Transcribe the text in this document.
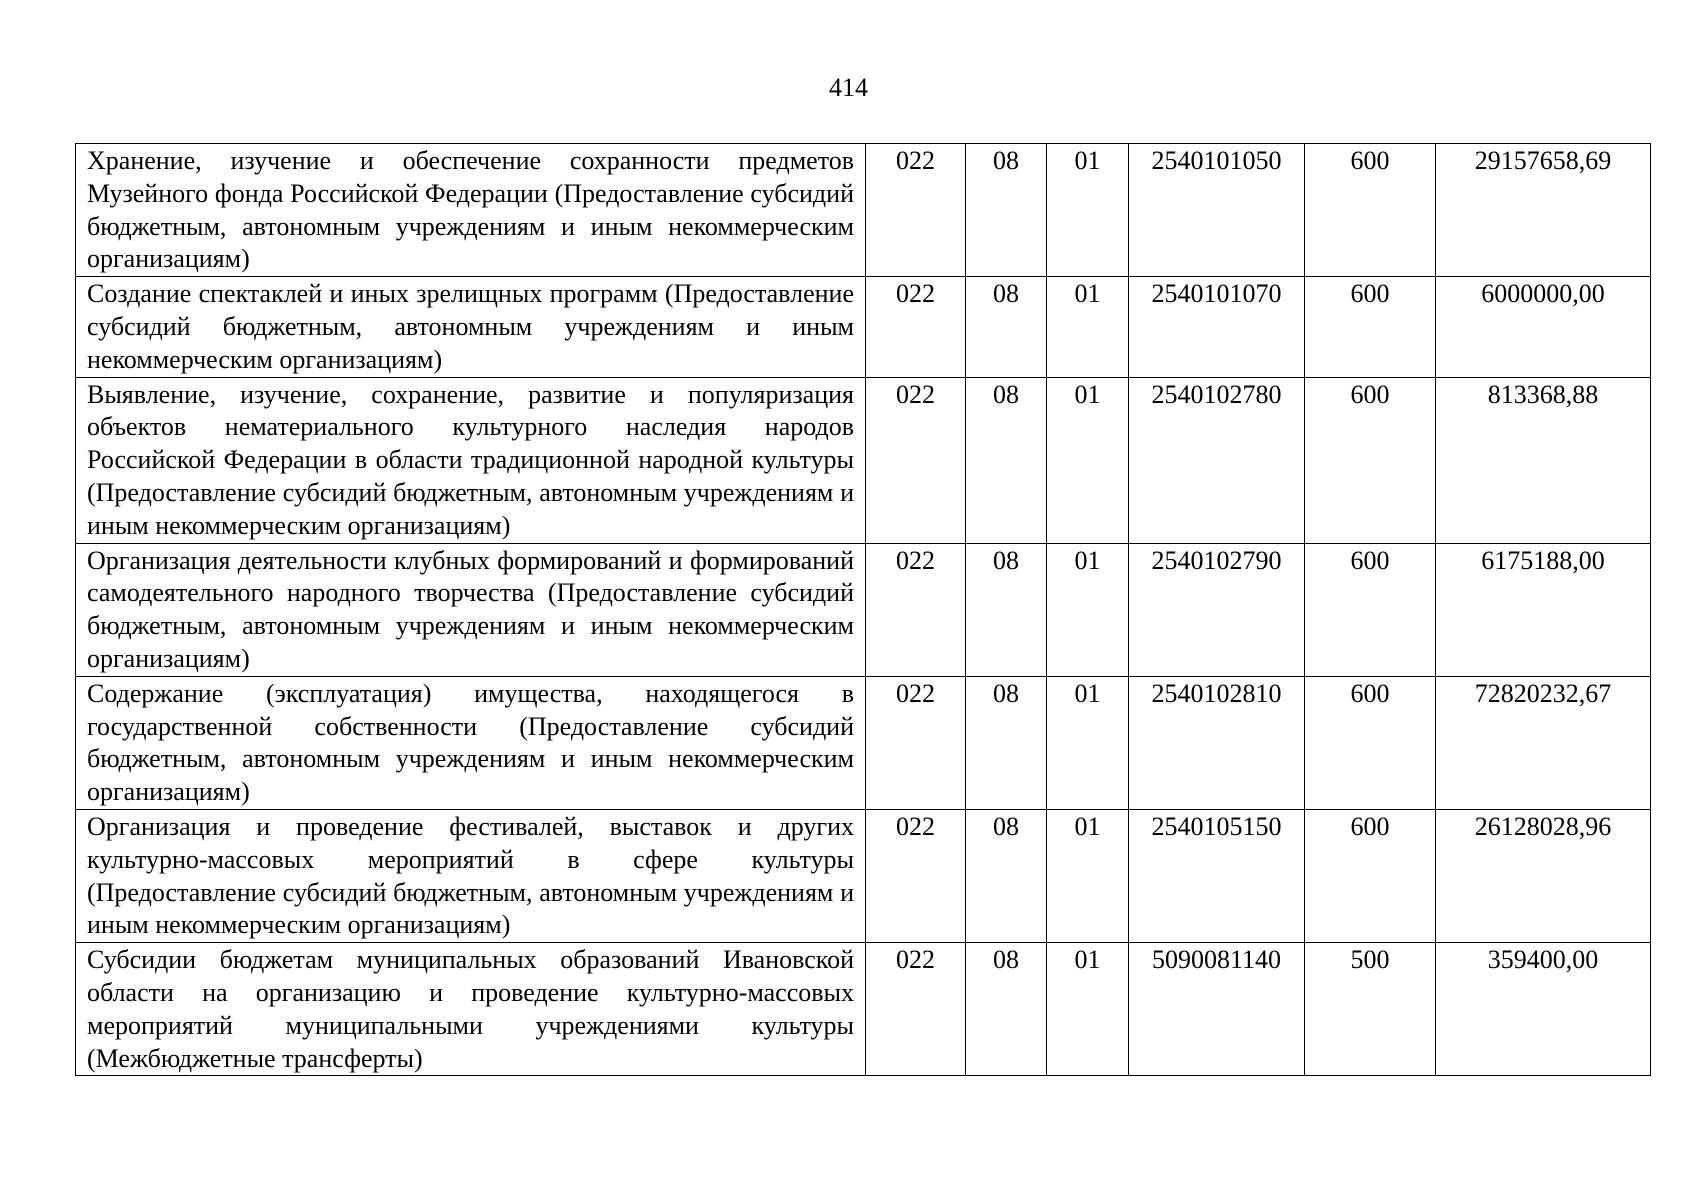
414
Хранение, изучение и обеспечение сохранности предметов Музейного фонда Российской Федерации (Предоставление субсидий бюджетным, автономным учреждениям и иным некоммерческим организациям)	022	08	01	2540101050	600	29157658,69
Создание спектаклей и иных зрелищных программ (Предоставление субсидий бюджетным, автономным учреждениям и иным некоммерческим организациям)	022	08	01	2540101070	600	6000000,00
Выявление, изучение, сохранение, развитие и популяризация объектов нематериального культурного наследия народов Российской Федерации в области традиционной народной культуры (Предоставление субсидий бюджетным, автономным учреждениям и иным некоммерческим организациям)	022	08	01	2540102780	600	813368,88
Организация деятельности клубных формирований и формирований самодеятельного народного творчества (Предоставление субсидий бюджетным, автономным учреждениям и иным некоммерческим организациям)	022	08	01	2540102790	600	6175188,00
Содержание (эксплуатация) имущества, находящегося в государственной собственности (Предоставление субсидий бюджетным, автономным учреждениям и иным некоммерческим организациям)	022	08	01	2540102810	600	72820232,67
Организация и проведение фестивалей, выставок и других культурно-массовых мероприятий в сфере культуры (Предоставление субсидий бюджетным, автономным учреждениям и иным некоммерческим организациям)	022	08	01	2540105150	600	26128028,96
Субсидии бюджетам муниципальных образований Ивановской области на организацию и проведение культурно-массовых мероприятий муниципальными учреждениями культуры (Межбюджетные трансферты)	022	08	01	5090081140	500	359400,00
